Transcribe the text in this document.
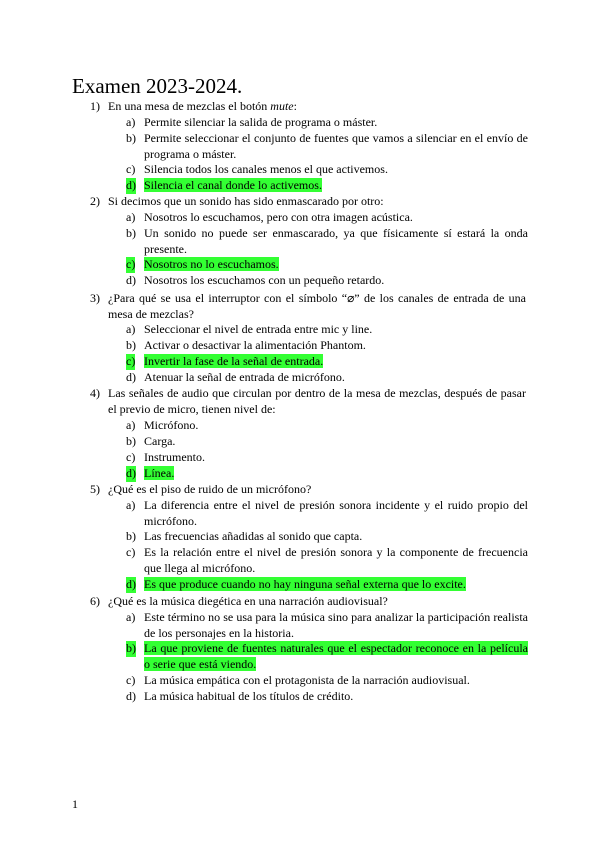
Examen 2023-2024.
1) En una mesa de mezclas el botón mute:
a) Permite silenciar la salida de programa o máster.
b) Permite seleccionar el conjunto de fuentes que vamos a silenciar en el envío de programa o máster.
c) Silencia todos los canales menos el que activemos.
d) Silencia el canal donde lo activemos.
2) Si decimos que un sonido has sido enmascarado por otro:
a) Nosotros lo escuchamos, pero con otra imagen acústica.
b) Un sonido no puede ser enmascarado, ya que físicamente sí estará la onda presente.
c) Nosotros no lo escuchamos.
d) Nosotros los escuchamos con un pequeño retardo.
3) ¿Para qué se usa el interruptor con el símbolo “⌀” de los canales de entrada de una mesa de mezclas?
a) Seleccionar el nivel de entrada entre mic y line.
b) Activar o desactivar la alimentación Phantom.
c) Invertir la fase de la señal de entrada.
d) Atenuar la señal de entrada de micrófono.
4) Las señales de audio que circulan por dentro de la mesa de mezclas, después de pasar el previo de micro, tienen nivel de:
a) Micrófono.
b) Carga.
c) Instrumento.
d) Línea.
5) ¿Qué es el piso de ruido de un micrófono?
a) La diferencia entre el nivel de presión sonora incidente y el ruido propio del micrófono.
b) Las frecuencias añadidas al sonido que capta.
c) Es la relación entre el nivel de presión sonora y la componente de frecuencia que llega al micrófono.
d) Es que produce cuando no hay ninguna señal externa que lo excite.
6) ¿Qué es la música diegética en una narración audiovisual?
a) Este término no se usa para la música sino para analizar la participación realista de los personajes en la historia.
b) La que proviene de fuentes naturales que el espectador reconoce en la película o serie que está viendo.
c) La música empática con el protagonista de la narración audiovisual.
d) La música habitual de los títulos de crédito.
1
